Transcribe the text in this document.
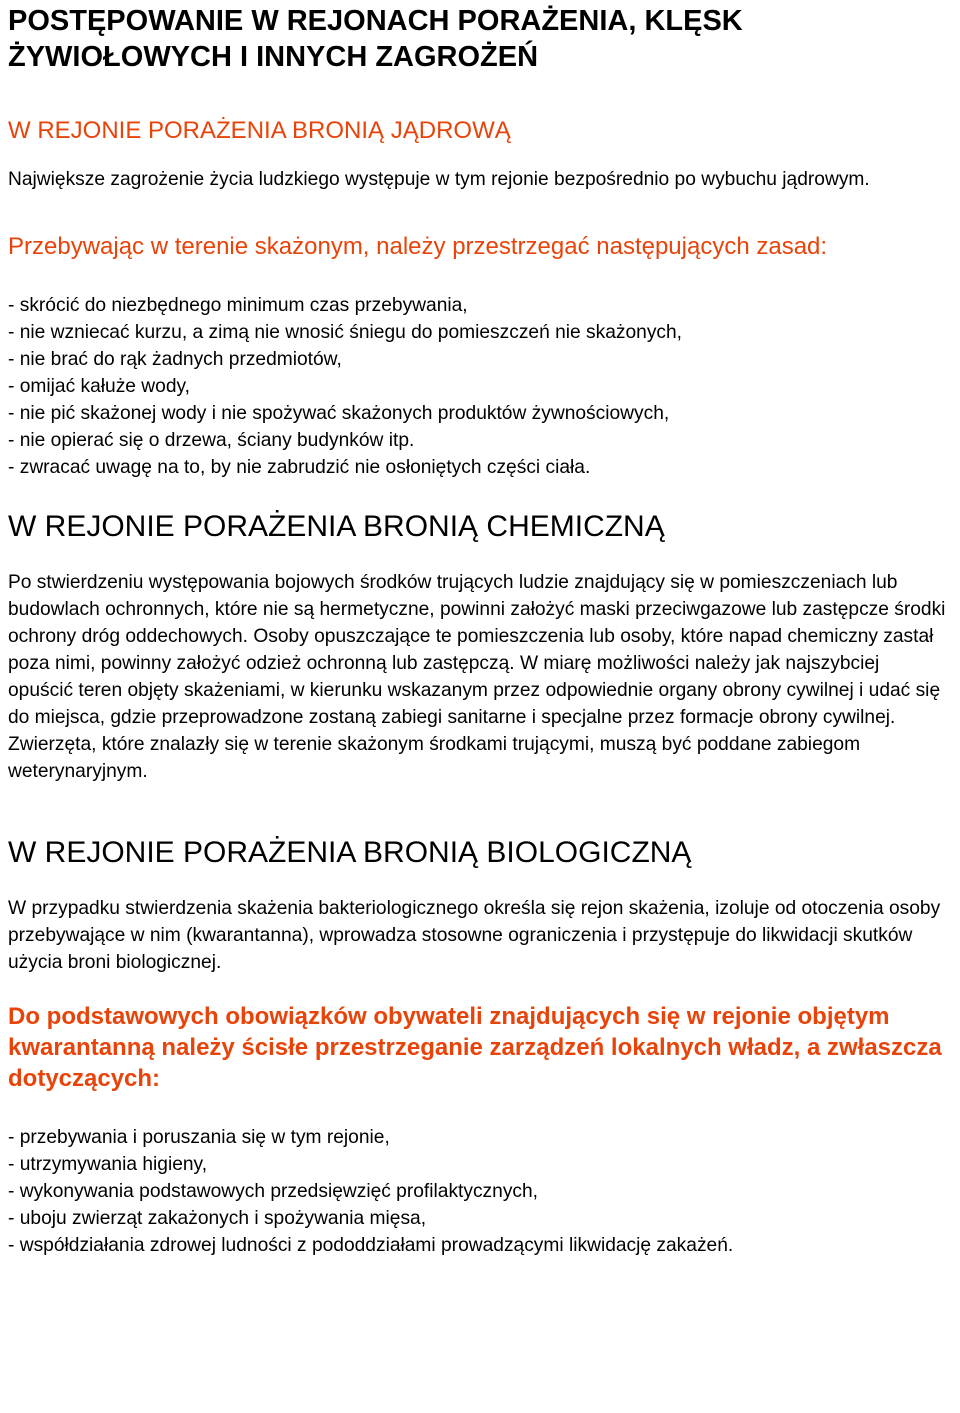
POSTĘPOWANIE W REJONACH PORAŻENIA, KLĘSK

ŻYWIOŁOWYCH I INNYCH ZAGROŻEŃ

W REJONIE PORAŻENIA BRONIĄ JĄDROWĄ

Największe zagrożenie życia ludzkiego występuje w tym rejonie bezpośrednio po wybuchu jądrowym.

Przebywając w terenie skażonym, należy przestrzegać następujących zasad:

- skrócić do niezbędnego minimum czas przebywania,

- nie wzniecać kurzu, a zimą nie wnosić śniegu do pomieszczeń nie skażonych,

- nie brać do rąk żadnych przedmiotów,

- omijać kałuże wody,

- nie pić skażonej wody i nie spożywać skażonych produktów żywnościowych,

- nie opierać się o drzewa, ściany budynków itp.

- zwracać uwagę na to, by nie zabrudzić nie osłoniętych części ciała.

W REJONIE PORAŻENIA BRONIĄ CHEMICZNĄ

Po stwierdzeniu występowania bojowych środków trujących ludzie znajdujący się w pomieszczeniach lub budowlach ochronnych, które nie są hermetyczne, powinni założyć maski przeciwgazowe lub zastępcze środki ochrony dróg oddechowych. Osoby opuszczające te pomieszczenia lub osoby, które napad chemiczny zastał poza nimi, powinny założyć odzież ochronną lub zastępczą. W miarę możliwości należy jak najszybciej opuścić teren objęty skażeniami, w kierunku wskazanym przez odpowiednie organy obrony cywilnej i udać się do miejsca, gdzie przeprowadzone zostaną zabiegi sanitarne i specjalne przez formacje obrony cywilnej. Zwierzęta, które znalazły się w terenie skażonym środkami trującymi, muszą być poddane zabiegom weterynaryjnym.

W REJONIE PORAŻENIA BRONIĄ BIOLOGICZNĄ

W przypadku stwierdzenia skażenia bakteriologicznego określa się rejon skażenia, izoluje od otoczenia osoby przebywające w nim (kwarantanna), wprowadza stosowne ograniczenia i przystępuje do likwidacji skutków użycia broni biologicznej.

Do podstawowych obowiązków obywateli znajdujących się w rejonie objętym kwarantanną należy ścisłe przestrzeganie zarządzeń lokalnych władz, a zwłaszcza dotyczących:

- przebywania i poruszania się w tym rejonie,

- utrzymywania higieny,

- wykonywania podstawowych przedsięwzięć profilaktycznych,

- uboju zwierząt zakażonych i spożywania mięsa,

- współdziałania zdrowej ludności z pododdziałami prowadzącymi likwidację zakażeń.
